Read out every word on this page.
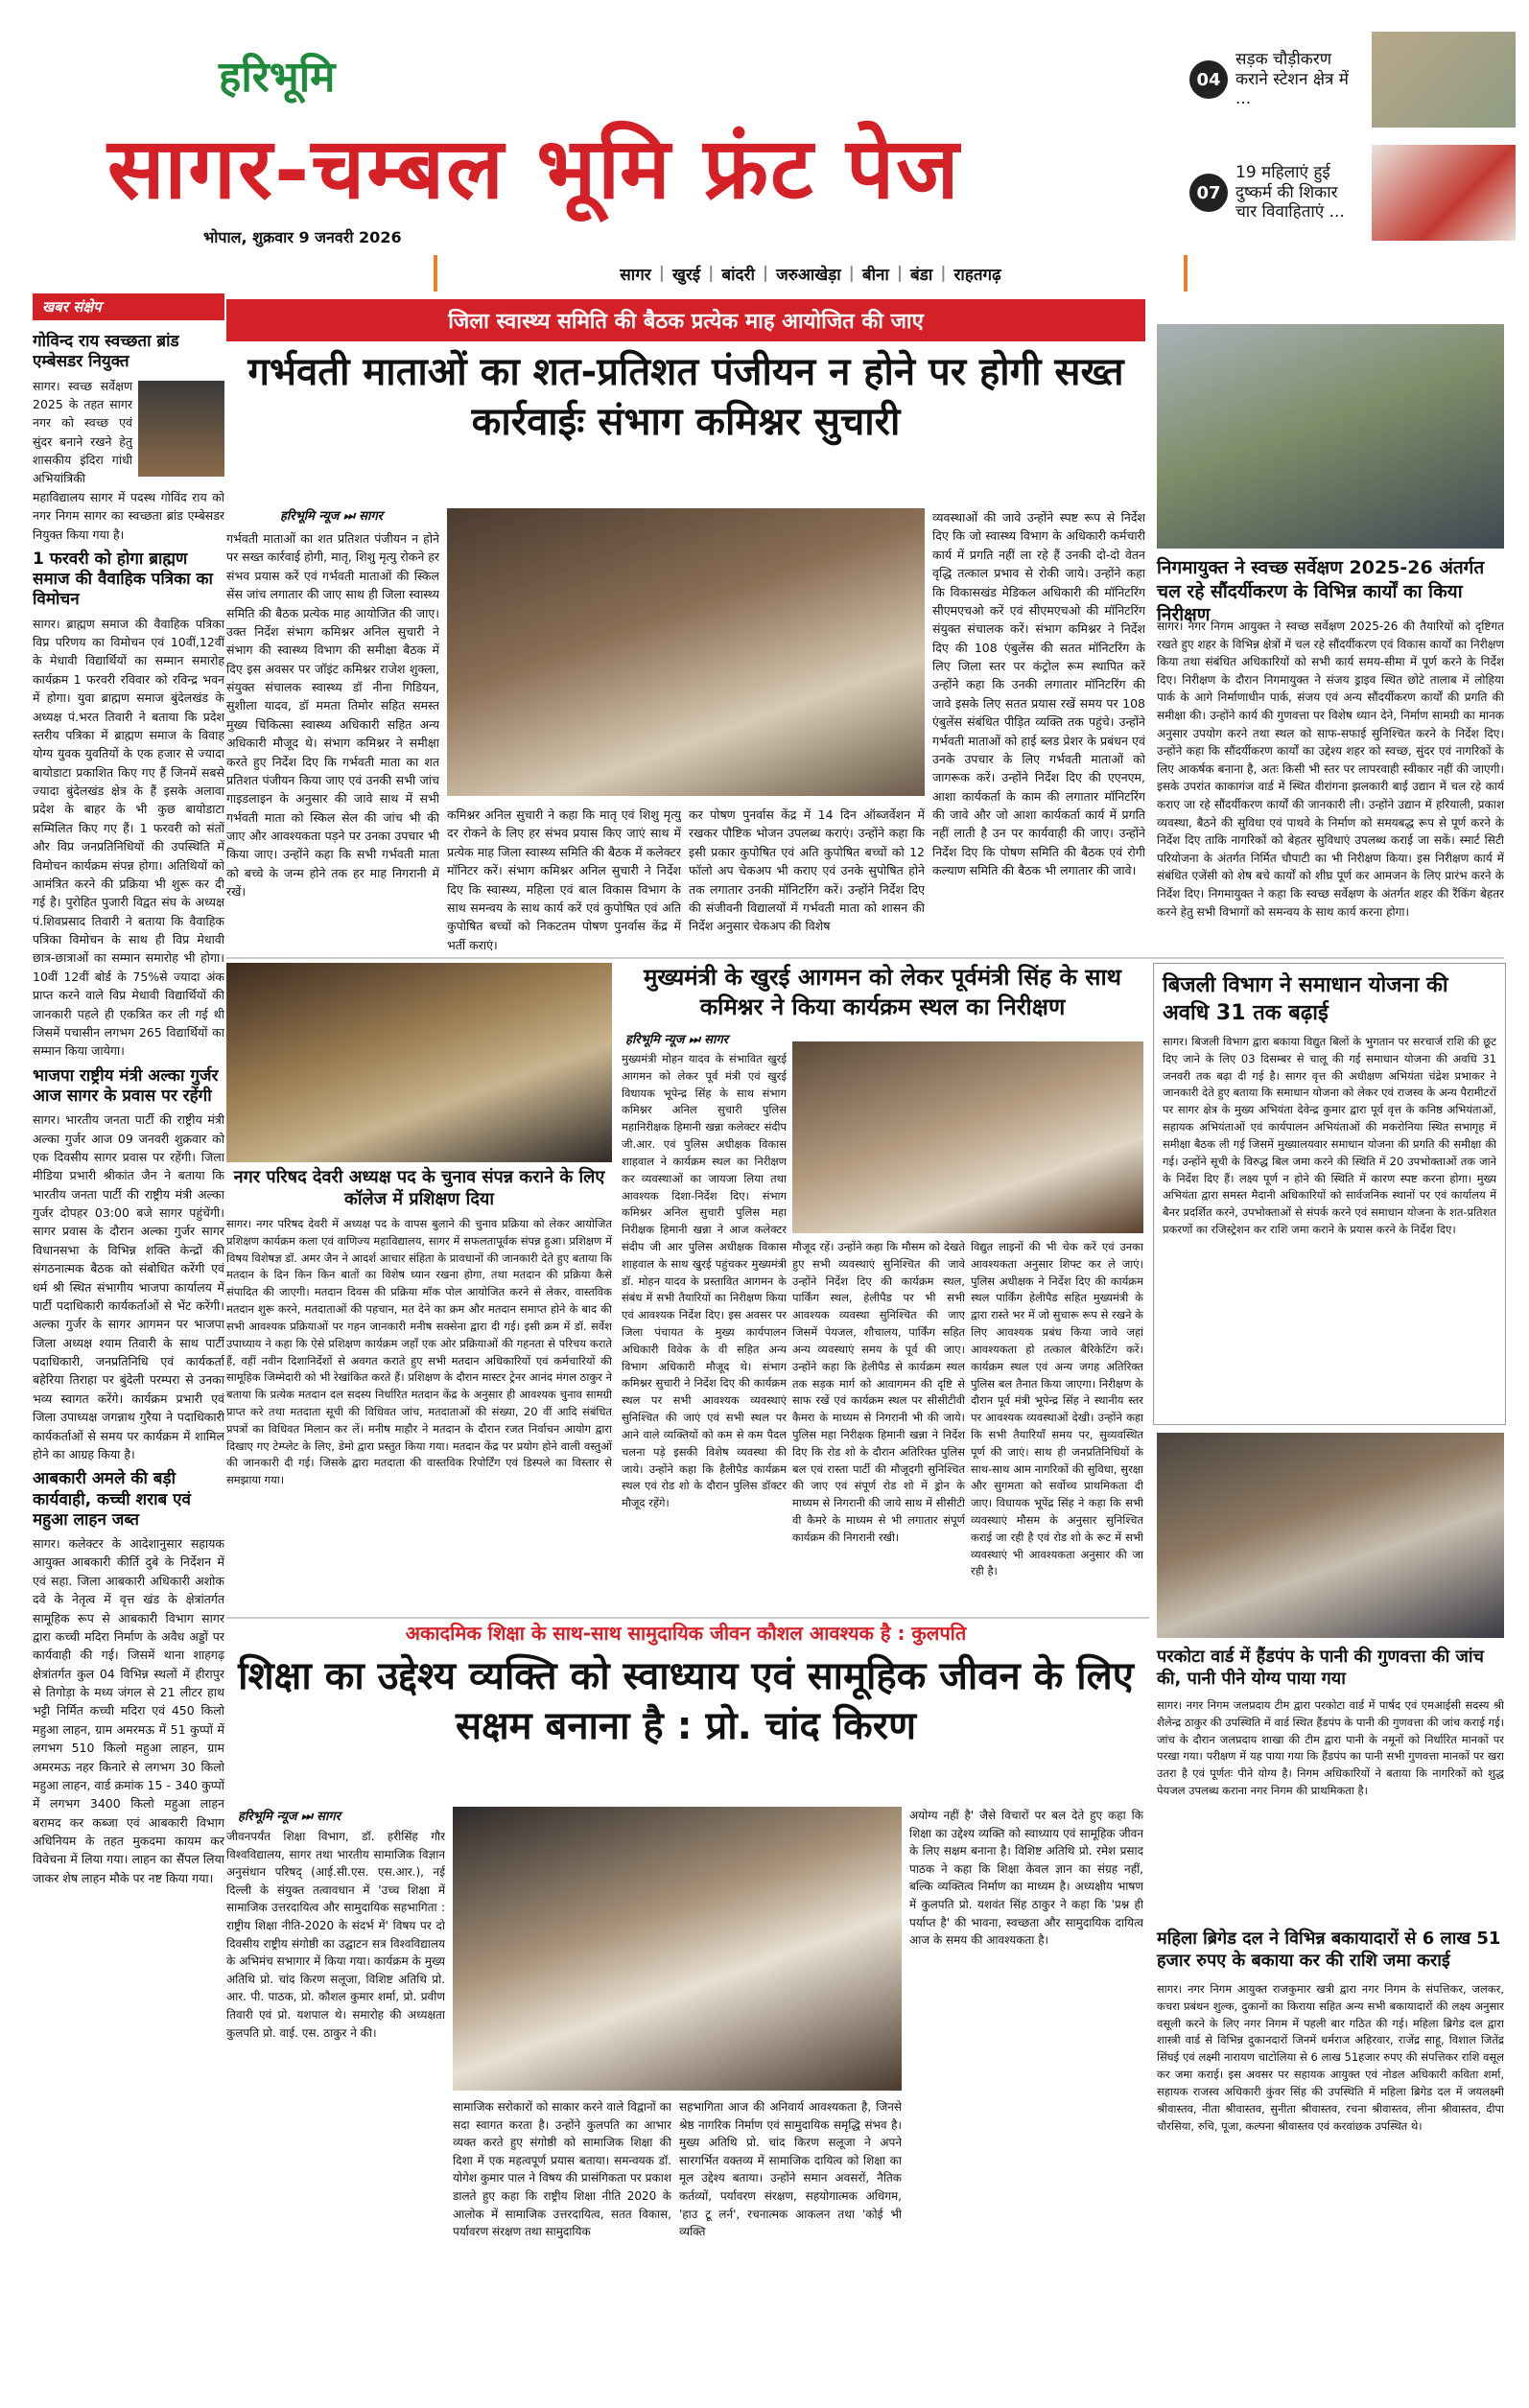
हरिभूमि
सागर-चम्बल भूमि फ्रंट पेज
भोपाल, शुक्रवार 9 जनवरी 2026
सागर | खुरई | बांदरी | जरुआखेड़ा | बीना | बंडा | राहतगढ़
04
सड़क चौड़ीकरण कराने स्टेशन क्षेत्र में ...
07
19 महिलाएं हुई दुष्कर्म की शिकार चार विवाहिताएं ...
खबर संक्षेप
गोविन्द राय स्वच्छता ब्रांड एम्बेसडर नियुक्त

सागर। स्वच्छ सर्वेक्षण 2025 के तहत सागर नगर को स्वच्छ एवं सुंदर बनाने रखने हेतु शासकीय इंदिरा गांधी अभियांत्रिकी महाविद्यालय सागर में पदस्थ गोविंद राय को नगर निगम सागर का स्वच्छता ब्रांड एम्बेसडर नियुक्त किया गया है।

1 फरवरी को होगा ब्राह्मण समाज की वैवाहिक पत्रिका का विमोचन

सागर। ब्राह्मण समाज की वैवाहिक पत्रिका विप्र परिणय का विमोचन एवं 10वीं,12वीं के मेधावी विद्यार्थियों का सम्मान समारोह कार्यक्रम 1 फरवरी रविवार को रविन्द्र भवन में होगा। युवा ब्राह्मण समाज बुंदेलखंड के अध्यक्ष पं.भरत तिवारी ने बताया कि प्रदेश स्तरीय पत्रिका में ब्राह्मण समाज के विवाह योग्य युवक युवतियों के एक हजार से ज्यादा बायोडाटा प्रकाशित किए गए हैं जिनमें सबसे ज्यादा बुंदेलखंड क्षेत्र के हैं इसके अलावा प्रदेश के बाहर के भी कुछ बायोडाटा सम्मिलित किए गए हैं। 1 फरवरी को संतों और विप्र जनप्रतिनिधियों की उपस्थिति में विमोचन कार्यक्रम संपन्न होगा। अतिथियों को आमंत्रित करने की प्रक्रिया भी शुरू कर दी गई है। पुरोहित पुजारी विद्वत संघ के अध्यक्ष पं.शिवप्रसाद तिवारी ने बताया कि वैवाहिक पत्रिका विमोचन के साथ ही विप्र मेधावी छात्र-छात्राओं का सम्मान समारोह भी होगा। 10वीं 12वीं बोर्ड के 75%से ज्यादा अंक प्राप्त करने वाले विप्र मेधावी विद्यार्थियों की जानकारी पहले ही एकत्रित कर ली गई थी जिसमें पचासीन लगभग 265 विद्यार्थियों का सम्मान किया जायेगा।

भाजपा राष्ट्रीय मंत्री अल्का गुर्जर आज सागर के प्रवास पर रहेंगी

सागर। भारतीय जनता पार्टी की राष्ट्रीय मंत्री अल्का गुर्जर आज 09 जनवरी शुक्रवार को एक दिवसीय सागर प्रवास पर रहेंगी। जिला मीडिया प्रभारी श्रीकांत जैन ने बताया कि भारतीय जनता पार्टी की राष्ट्रीय मंत्री अल्का गुर्जर दोपहर 03:00 बजे सागर पहुंचेंगी। सागर प्रवास के दौरान अल्का गुर्जर सागर विधानसभा के विभिन्न शक्ति केन्द्रों की संगठनात्मक बैठक को संबोधित करेंगी एवं धर्म श्री स्थित संभागीय भाजपा कार्यालय में पार्टी पदाधिकारी कार्यकर्ताओं से भेंट करेंगी। अल्का गुर्जर के सागर आगमन पर भाजपा जिला अध्यक्ष श्याम तिवारी के साथ पार्टी पदाधिकारी, जनप्रतिनिधि एवं कार्यकर्ता बहेरिया तिराहा पर बुंदेली परम्परा से उनका भव्य स्वागत करेंगे। कार्यक्रम प्रभारी एवं जिला उपाध्यक्ष जगन्नाथ गुरैया ने पदाधिकारी कार्यकर्ताओं से समय पर कार्यक्रम में शामिल होने का आग्रह किया है।

आबकारी अमले की बड़ी कार्यवाही, कच्ची शराब एवं महुआ लाहन जब्त

सागर। कलेक्टर के आदेशानुसार सहायक आयुक्त आबकारी कीर्ति दुबे के निर्देशन में एवं सहा. जिला आबकारी अधिकारी अशोक दवे के नेतृत्व में वृत्त खंड के क्षेत्रांतर्गत सामूहिक रूप से आबकारी विभाग सागर द्वारा कच्ची मदिरा निर्माण के अवैध अड्डों पर कार्यवाही की गई। जिसमें थाना शाहगढ़ क्षेत्रांतर्गत कुल 04 विभिन्न स्थलों में हीरापुर से तिगोड़ा के मध्य जंगल से 21 लीटर हाथ भट्टी निर्मित कच्ची मदिरा एवं 450 किलो महुआ लाहन, ग्राम अमरमऊ में 51 कुप्पों में लगभग 510 किलो महुआ लाहन, ग्राम अमरमऊ नहर किनारे से लगभग 30 किलो महुआ लाहन, वार्ड क्रमांक 15 - 340 कुप्पों में लगभग 3400 किलो महुआ लाहन बरामद कर कब्जा एवं आबकारी विभाग अधिनियम के तहत मुकदमा कायम कर विवेचना में लिया गया। लाहन का सैंपल लिया जाकर शेष लाहन मौके पर नष्ट किया गया।

जिला स्वास्थ्य समिति की बैठक प्रत्येक माह आयोजित की जाए
गर्भवती माताओं का शत-प्रतिशत पंजीयन न होने पर होगी सख्त कार्रवाईः संभाग कमिश्नर सुचारी
हरिभूमि न्यूज ⏭ सागर
गर्भवती माताओं का शत प्रतिशत पंजीयन न होने पर सख्त कार्रवाई होगी, मातृ, शिशु मृत्यु रोकने हर संभव प्रयास करें एवं गर्भवती माताओं की स्किल सेंस जांच लगातार की जाए साथ ही जिला स्वास्थ्य समिति की बैठक प्रत्येक माह आयोजित की जाए। उक्त निर्देश संभाग कमिश्नर अनिल सुचारी ने संभाग की स्वास्थ्य विभाग की समीक्षा बैठक में दिए इस अवसर पर जॉइंट कमिश्नर राजेश शुक्ला, संयुक्त संचालक स्वास्थ्य डॉ नीना गिडियन, सुशीला यादव, डॉ ममता तिमोर सहित समस्त मुख्य चिकित्सा स्वास्थ्य अधिकारी सहित अन्य अधिकारी मौजूद थे। संभाग कमिश्नर ने समीक्षा करते हुए निर्देश दिए कि गर्भवती माता का शत प्रतिशत पंजीयन किया जाए एवं उनकी सभी जांच गाइडलाइन के अनुसार की जावे साथ में सभी गर्भवती माता को स्किल सेल की जांच भी की जाए और आवश्यकता पड़ने पर उनका उपचार भी किया जाए। उन्होंने कहा कि सभी गर्भवती माता को बच्चे के जन्म होने तक हर माह निगरानी में रखें।
कमिश्नर अनिल सुचारी ने कहा कि मातृ एवं शिशु मृत्यु दर रोकने के लिए हर संभव प्रयास किए जाएं साथ में प्रत्येक माह जिला स्वास्थ्य समिति की बैठक में कलेक्टर मॉनिटर करें। संभाग कमिश्नर अनिल सुचारी ने निर्देश दिए कि स्वास्थ्य, महिला एवं बाल विकास विभाग के साथ समन्वय के साथ कार्य करें एवं कुपोषित एवं अति कुपोषित बच्चों को निकटतम पोषण पुनर्वास केंद्र में भर्ती कराएं।
कर पोषण पुनर्वास केंद्र में 14 दिन ऑब्जर्वेशन में रखकर पौष्टिक भोजन उपलब्ध कराएं। उन्होंने कहा कि इसी प्रकार कुपोषित एवं अति कुपोषित बच्चों को 12 फॉलो अप चेकअप भी कराए एवं उनके सुपोषित होने तक लगातार उनकी मॉनिटरिंग करें। उन्होंने निर्देश दिए की संजीवनी विद्यालयों में गर्भवती माता को शासन की निर्देश अनुसार चेकअप की विशेष
व्यवस्थाओं की जावे उन्होंने स्पष्ट रूप से निर्देश दिए कि जो स्वास्थ्य विभाग के अधिकारी कर्मचारी कार्य में प्रगति नहीं ला रहे हैं उनकी दो-दो वेतन वृद्धि तत्काल प्रभाव से रोकी जाये। उन्होंने कहा कि विकासखंड मेडिकल अधिकारी की मॉनिटरिंग सीएमएचओ करें एवं सीएमएचओ की मॉनिटरिंग संयुक्त संचालक करें। संभाग कमिश्नर ने निर्देश दिए की 108 एंबुलेंस की सतत मॉनिटरिंग के लिए जिला स्तर पर कंट्रोल रूम स्थापित करें उन्होंने कहा कि उनकी लगातार मॉनिटरिंग की जावे इसके लिए सतत प्रयास रखें समय पर 108 एंबुलेंस संबंधित पीड़ित व्यक्ति तक पहुंचे। उन्होंने गर्भवती माताओं को हाई ब्लड प्रेशर के प्रबंधन एवं उनके उपचार के लिए गर्भवती माताओं को जागरूक करें। उन्होंने निर्देश दिए की एएनएम, आशा कार्यकर्ता के काम की लगातार मॉनिटरिंग की जावे और जो आशा कार्यकर्ता कार्य में प्रगति नहीं लाती है उन पर कार्यवाही की जाए। उन्होंने निर्देश दिए कि पोषण समिति की बैठक एवं रोगी कल्याण समिति की बैठक भी लगातार की जावे।
निगमायुक्त ने स्वच्छ सर्वेक्षण 2025-26 अंतर्गत चल रहे सौंदर्यीकरण के विभिन्न कार्यों का किया निरीक्षण
सागर। नगर निगम आयुक्त ने स्वच्छ सर्वेक्षण 2025-26 की तैयारियों को दृष्टिगत रखते हुए शहर के विभिन्न क्षेत्रों में चल रहे सौंदर्यीकरण एवं विकास कार्यों का निरीक्षण किया तथा संबंधित अधिकारियों को सभी कार्य समय-सीमा में पूर्ण करने के निर्देश दिए। निरीक्षण के दौरान निगमायुक्त ने संजय ड्राइव स्थित छोटे तालाब में लोहिया पार्क के आगे निर्माणाधीन पार्क, संजय एवं अन्य सौंदर्यीकरण कार्यों की प्रगति की समीक्षा की। उन्होंने कार्य की गुणवत्ता पर विशेष ध्यान देने, निर्माण सामग्री का मानक अनुसार उपयोग करने तथा स्थल को साफ-सफाई सुनिश्चित करने के निर्देश दिए। उन्होंने कहा कि सौंदर्यीकरण कार्यों का उद्देश्य शहर को स्वच्छ, सुंदर एवं नागरिकों के लिए आकर्षक बनाना है, अतः किसी भी स्तर पर लापरवाही स्वीकार नहीं की जाएगी। इसके उपरांत काकागंज वार्ड में स्थित वीरांगना झलकारी बाई उद्यान में चल रहे कार्य कराए जा रहे सौंदर्यीकरण कार्यों की जानकारी ली। उन्होंने उद्यान में हरियाली, प्रकाश व्यवस्था, बैठने की सुविधा एवं पाथवे के निर्माण को समयबद्ध रूप से पूर्ण करने के निर्देश दिए ताकि नागरिकों को बेहतर सुविधाएं उपलब्ध कराई जा सकें। स्मार्ट सिटी परियोजना के अंतर्गत निर्मित चौपाटी का भी निरीक्षण किया। इस निरीक्षण कार्य में संबंधित एजेंसी को शेष बचे कार्यों को शीघ्र पूर्ण कर आमजन के लिए प्रारंभ करने के निर्देश दिए। निगमायुक्त ने कहा कि स्वच्छ सर्वेक्षण के अंतर्गत शहर की रैंकिंग बेहतर करने हेतु सभी विभागों को समन्वय के साथ कार्य करना होगा।
नगर परिषद देवरी अध्यक्ष पद के चुनाव संपन्न कराने के लिए कॉलेज में प्रशिक्षण दिया
सागर। नगर परिषद देवरी में अध्यक्ष पद के वापस बुलाने की चुनाव प्रक्रिया को लेकर आयोजित प्रशिक्षण कार्यक्रम कला एवं वाणिज्य महाविद्यालय, सागर में सफलतापूर्वक संपन्न हुआ। प्रशिक्षण में विषय विशेषज्ञ डॉ. अमर जैन ने आदर्श आचार संहिता के प्रावधानों की जानकारी देते हुए बताया कि मतदान के दिन किन किन बातों का विशेष ध्यान रखना होगा, तथा मतदान की प्रक्रिया कैसे संपादित की जाएगी। मतदान दिवस की प्रक्रिया मॉक पोल आयोजित करने से लेकर, वास्तविक मतदान शुरू करने, मतदाताओं की पहचान, मत देने का क्रम और मतदान समाप्त होने के बाद की सभी आवश्यक प्रक्रियाओं पर गहन जानकारी मनीष सक्सेना द्वारा दी गई। इसी क्रम में डॉ. सर्वेश उपाध्याय ने कहा कि ऐसे प्रशिक्षण कार्यक्रम जहाँ एक ओर प्रक्रियाओं की गहनता से परिचय कराते हैं, वहीं नवीन दिशानिर्देशों से अवगत कराते हुए सभी मतदान अधिकारियों एवं कर्मचारियों की सामूहिक जिम्मेदारी को भी रेखांकित करते हैं। प्रशिक्षण के दौरान मास्टर ट्रेनर आनंद मंगल ठाकुर ने बताया कि प्रत्येक मतदान दल सदस्य निर्धारित मतदान केंद्र के अनुसार ही आवश्यक चुनाव सामग्री प्राप्त करे तथा मतदाता सूची की विधिवत जांच, मतदाताओं की संख्या, 20 वीं आदि संबंधित प्रपत्रों का विधिवत मिलान कर लें। मनीष माहौर ने मतदान के दौरान रजत निर्वाचन आयोग द्वारा दिखाए गए टेम्प्लेट के लिए, डेमो द्वारा प्रस्तुत किया गया। मतदान केंद्र पर प्रयोग होने वाली वस्तुओं की जानकारी दी गई। जिसके द्वारा मतदाता की वास्तविक रिपोर्टिंग एवं डिस्पले का विस्तार से समझाया गया।
मुख्यमंत्री के खुरई आगमन को लेकर पूर्वमंत्री सिंह के साथ कमिश्नर ने किया कार्यक्रम स्थल का निरीक्षण
हरिभूमि न्यूज ⏭ सागर
मुख्यमंत्री मोहन यादव के संभावित खुरई आगमन को लेकर पूर्व मंत्री एवं खुरई विधायक भूपेन्द्र सिंह के साथ संभाग कमिश्नर अनिल सुचारी पुलिस महानिरीक्षक हिमानी खन्ना कलेक्टर संदीप जी.आर. एवं पुलिस अधीक्षक विकास शाहवाल ने कार्यक्रम स्थल का निरीक्षण कर व्यवस्थाओं का जायजा लिया तथा आवश्यक दिशा-निर्देश दिए। संभाग कमिश्नर अनिल सुचारी पुलिस महा निरीक्षक हिमानी खन्ना ने आज कलेक्टर संदीप जी आर पुलिस अधीक्षक विकास शाहवाल के साथ खुरई पहुंचकर मुख्यमंत्री डॉ. मोहन यादव के प्रस्तावित आगमन के संबंध में सभी तैयारियों का निरीक्षण किया एवं आवश्यक निर्देश दिए। इस अवसर पर जिला पंचायत के मुख्य कार्यपालन अधिकारी विवेक के वी सहित अन्य विभाग अधिकारी मौजूद थे। संभाग कमिश्नर सुचारी ने निर्देश दिए की कार्यक्रम स्थल पर सभी आवश्यक व्यवस्थाएं सुनिश्चित की जाएं एवं सभी स्थल पर आने वाले व्यक्तियों को कम से कम पैदल चलना पड़े इसकी विशेष व्यवस्था की जाये। उन्होंने कहा कि हैलीपैड कार्यक्रम स्थल एवं रोड शो के दौरान पुलिस डॉक्टर मौजूद रहेंगे।
मौजूद रहें। उन्होंने कहा कि मौसम को देखते हुए सभी व्यवस्थाएं सुनिश्चित की जावे उन्होंने निर्देश दिए की कार्यक्रम स्थल, पार्किंग स्थल, हेलीपैड पर भी सभी आवश्यक व्यवस्था सुनिश्चित की जाए जिसमें पेयजल, शौचालय, पार्किंग सहित अन्य व्यवस्थाएं समय के पूर्व की जाए। उन्होंने कहा कि हेलीपैड से कार्यक्रम स्थल तक सड़क मार्ग को आवागमन की दृष्टि से साफ रखें एवं कार्यक्रम स्थल पर सीसीटीवी कैमरा के माध्यम से निगरानी भी की जाये। पुलिस महा निरीक्षक हिमानी खन्ना ने निर्देश दिए कि रोड शो के दौरान अतिरिक्त पुलिस बल एवं रास्ता पार्टी की मौजूदगी सुनिश्चित की जाए एवं संपूर्ण रोड शो में ड्रोन के माध्यम से निगरानी की जाये साथ में सीसीटी वी कैमरे के माध्यम से भी लगातार संपूर्ण कार्यक्रम की निगरानी रखी।
विद्युत लाइनों की भी चेक करें एवं उनका आवश्यकता अनुसार शिफ्ट कर ले जाएं। पुलिस अधीक्षक ने निर्देश दिए की कार्यक्रम स्थल पार्किंग हेलीपैड सहित मुख्यमंत्री के द्वारा रास्ते भर में जो सुचारू रूप से रखने के लिए आवश्यक प्रबंध किया जावे जहां आवश्यकता हो तत्काल बैरिकेटिंग करें। कार्यक्रम स्थल एवं अन्य जगह अतिरिक्त पुलिस बल तैनात किया जाएगा। निरीक्षण के दौरान पूर्व मंत्री भूपेन्द्र सिंह ने स्थानीय स्तर पर आवश्यक व्यवस्थाओं देखी। उन्होंने कहा कि सभी तैयारियाँ समय पर, सुव्यवस्थित पूर्ण की जाएं। साथ ही जनप्रतिनिधियों के साथ-साथ आम नागरिकों की सुविधा, सुरक्षा और सुगमता को सर्वोच्च प्राथमिकता दी जाए। विधायक भूपेंद्र सिंह ने कहा कि सभी व्यवस्थाएं मौसम के अनुसार सुनिश्चित कराई जा रही है एवं रोड शो के रूट में सभी व्यवस्थाएं भी आवश्यकता अनुसार की जा रही है।
बिजली विभाग ने समाधान योजना की अवधि 31 तक बढ़ाई
सागर। बिजली विभाग द्वारा बकाया विद्युत बिलों के भुगतान पर सरचार्ज राशि की छूट दिए जाने के लिए 03 दिसम्बर से चालू की गई समाधान योजना की अवधि 31 जनवरी तक बढ़ा दी गई है। सागर वृत्त की अधीक्षण अभियंता चंद्रेश प्रभाकर ने जानकारी देते हुए बताया कि समाधान योजना को लेकर एवं राजस्व के अन्य पैरामीटरों पर सागर क्षेत्र के मुख्य अभियंता देवेन्द्र कुमार द्वारा पूर्व वृत्त के कनिष्ठ अभियंताओं, सहायक अभियंताओं एवं कार्यपालन अभियंताओं की मकरोनिया स्थित सभागृह में समीक्षा बैठक ली गई जिसमें मुख्यालयवार समाधान योजना की प्रगति की समीक्षा की गई। उन्होंने सूची के विरुद्ध बिल जमा करने की स्थिति में 20 उपभोक्ताओं तक जाने के निर्देश दिए हैं। लक्ष्य पूर्ण न होने की स्थिति में कारण स्पष्ट करना होगा। मुख्य अभियंता द्वारा समस्त मैदानी अधिकारियों को सार्वजनिक स्थानों पर एवं कार्यालय में बैनर प्रदर्शित करने, उपभोक्ताओं से संपर्क करने एवं समाधान योजना के शत-प्रतिशत प्रकरणों का रजिस्ट्रेशन कर राशि जमा कराने के प्रयास करने के निर्देश दिए।
अकादमिक शिक्षा के साथ-साथ सामुदायिक जीवन कौशल आवश्यक है : कुलपति
शिक्षा का उद्देश्य व्यक्ति को स्वाध्याय एवं सामूहिक जीवन के लिए सक्षम बनाना है : प्रो. चांद किरण
हरिभूमि न्यूज ⏭ सागर
जीवनपर्यंत शिक्षा विभाग, डॉ. हरीसिंह गौर विश्वविद्यालय, सागर तथा भारतीय सामाजिक विज्ञान अनुसंधान परिषद् (आई.सी.एस. एस.आर.), नई दिल्ली के संयुक्त तत्वावधान में 'उच्च शिक्षा में सामाजिक उत्तरदायित्व और सामुदायिक सहभागिता : राष्ट्रीय शिक्षा नीति-2020 के संदर्भ में' विषय पर दो दिवसीय राष्ट्रीय संगोष्ठी का उद्घाटन सत्र विश्वविद्यालय के अभिमंच सभागार में किया गया। कार्यक्रम के मुख्य अतिथि प्रो. चांद किरण सलूजा, विशिष्ट अतिथि प्रो. आर. पी. पाठक, प्रो. कौशल कुमार शर्मा, प्रो. प्रवीण तिवारी एवं प्रो. यशपाल थे। समारोह की अध्यक्षता कुलपति प्रो. वाई. एस. ठाकुर ने की।
सामाजिक सरोकारों को साकार करने वाले विद्वानों का सदा स्वागत करता है। उन्होंने कुलपति का आभार व्यक्त करते हुए संगोष्ठी को सामाजिक शिक्षा की दिशा में एक महत्वपूर्ण प्रयास बताया। समन्वयक डॉ. योगेश कुमार पाल ने विषय की प्रासंगिकता पर प्रकाश डालते हुए कहा कि राष्ट्रीय शिक्षा नीति 2020 के आलोक में सामाजिक उत्तरदायित्व, सतत विकास, पर्यावरण संरक्षण तथा सामुदायिक
सहभागिता आज की अनिवार्य आवश्यकता है, जिनसे श्रेष्ठ नागरिक निर्माण एवं सामुदायिक समृद्धि संभव है। मुख्य अतिथि प्रो. चांद किरण सलूजा ने अपने सारगर्भित वक्तव्य में सामाजिक दायित्व को शिक्षा का मूल उद्देश्य बताया। उन्होंने समान अवसरों, नैतिक कर्तव्यों, पर्यावरण संरक्षण, सहयोगात्मक अधिगम, 'हाउ टू लर्न', रचनात्मक आकलन तथा 'कोई भी व्यक्ति
अयोग्य नहीं है' जैसे विचारों पर बल देते हुए कहा कि शिक्षा का उद्देश्य व्यक्ति को स्वाध्याय एवं सामूहिक जीवन के लिए सक्षम बनाना है। विशिष्ट अतिथि प्रो. रमेश प्रसाद पाठक ने कहा कि शिक्षा केवल ज्ञान का संग्रह नहीं, बल्कि व्यक्तित्व निर्माण का माध्यम है। अध्यक्षीय भाषण में कुलपति प्रो. यशवंत सिंह ठाकुर ने कहा कि 'प्रश्न ही पर्याप्त है' की भावना, स्वच्छता और सामुदायिक दायित्व आज के समय की आवश्यकता है।
परकोटा वार्ड में हैंडपंप के पानी की गुणवत्ता की जांच की, पानी पीने योग्य पाया गया
सागर। नगर निगम जलप्रदाय टीम द्वारा परकोटा वार्ड में पार्षद एवं एमआईसी सदस्य श्री शैलेन्द्र ठाकुर की उपस्थिति में वार्ड स्थित हैंडपंप के पानी की गुणवत्ता की जांच कराई गई। जांच के दौरान जलप्रदाय शाखा की टीम द्वारा पानी के नमूनों को निर्धारित मानकों पर परखा गया। परीक्षण में यह पाया गया कि हैंडपंप का पानी सभी गुणवत्ता मानकों पर खरा उतरा है एवं पूर्णतः पीने योग्य है। निगम अधिकारियों ने बताया कि नागरिकों को शुद्ध पेयजल उपलब्ध कराना नगर निगम की प्राथमिकता है।
महिला ब्रिगेड दल ने विभिन्न बकायादारों से 6 लाख 51 हजार रुपए के बकाया कर की राशि जमा कराई
सागर। नगर निगम आयुक्त राजकुमार खत्री द्वारा नगर निगम के संपत्तिकर, जलकर, कचरा प्रबंधन शुल्क, दुकानों का किराया सहित अन्य सभी बकायादारों की लक्ष्य अनुसार वसूली करने के लिए नगर निगम में पहली बार गठित की गई। महिला ब्रिगेड दल द्वारा शास्त्री वार्ड से विभिन्न दुकानदारों जिनमें धर्मराज अहिरवार, राजेंद्र साहू, विशाल जितेंद्र सिंघई एवं लक्ष्मी नारायण चाटोलिया से 6 लाख 51हजार रुपए की संपत्तिकर राशि वसूल कर जमा कराई। इस अवसर पर सहायक आयुक्त एवं नोडल अधिकारी कविता शर्मा, सहायक राजस्व अधिकारी कुंवर सिंह की उपस्थिति में महिला ब्रिगेड दल में जयलक्ष्मी श्रीवास्तव, नीता श्रीवास्तव, सुनीता श्रीवास्तव, रचना श्रीवास्तव, लीना श्रीवास्तव, दीपा चौरसिया, रुचि, पूजा, कल्पना श्रीवास्तव एवं करवांछक उपस्थित थे।
